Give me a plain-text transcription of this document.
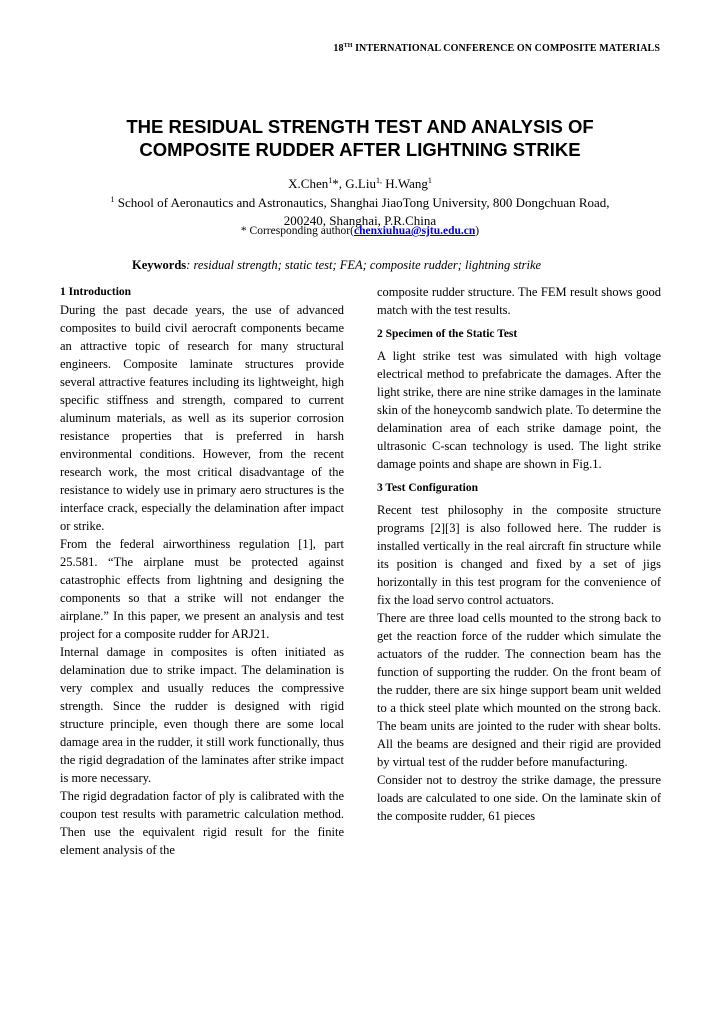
18TH INTERNATIONAL CONFERENCE ON COMPOSITE MATERIALS
THE RESIDUAL STRENGTH TEST AND ANALYSIS OF
COMPOSITE RUDDER AFTER LIGHTNING STRIKE
X.Chen$^1$*, G.Liu$^{1,}$ H.Wang$^1$
$^1$ School of Aeronautics and Astronautics, Shanghai JiaoTong University, 800 Dongchuan Road,
200240, Shanghai, P.R.China
* Corresponding author(chenxiuhua@sjtu.edu.cn)
Keywords: residual strength; static test; FEA; composite rudder; lightning strike
1 Introduction

During the past decade years, the use of advanced composites to build civil aerocraft components became an attractive topic of research for many structural engineers. Composite laminate structures provide several attractive features including its lightweight, high specific stiffness and strength, compared to current aluminum materials, as well as its superior corrosion resistance properties that is preferred in harsh environmental conditions. However, from the recent research work, the most critical disadvantage of the resistance to widely use in primary aero structures is the interface crack, especially the delamination after impact or strike.

From the federal airworthiness regulation [1], part 25.581. “The airplane must be protected against catastrophic effects from lightning and designing the components so that a strike will not endanger the airplane.” In this paper, we present an analysis and test project for a composite rudder for ARJ21.

Internal damage in composites is often initiated as delamination due to strike impact. The delamination is very complex and usually reduces the compressive strength. Since the rudder is designed with rigid structure principle, even though there are some local damage area in the rudder, it still work functionally, thus the rigid degradation of the laminates after strike impact is more necessary.

The rigid degradation factor of ply is calibrated with the coupon test results with parametric calculation method. Then use the equivalent rigid result for the finite element analysis of the

composite rudder structure. The FEM result shows good match with the test results.

2 Specimen of the Static Test

A light strike test was simulated with high voltage electrical method to prefabricate the damages. After the light strike, there are nine strike damages in the laminate skin of the honeycomb sandwich plate. To determine the delamination area of each strike damage point, the ultrasonic C-scan technology is used. The light strike damage points and shape are shown in Fig.1.

3 Test Configuration

Recent test philosophy in the composite structure programs [2][3] is also followed here. The rudder is installed vertically in the real aircraft fin structure while its position is changed and fixed by a set of jigs horizontally in this test program for the convenience of fix the load servo control actuators.

There are three load cells mounted to the strong back to get the reaction force of the rudder which simulate the actuators of the rudder. The connection beam has the function of supporting the rudder. On the front beam of the rudder, there are six hinge support beam unit welded to a thick steel plate which mounted on the strong back. The beam units are jointed to the ruder with shear bolts. All the beams are designed and their rigid are provided by virtual test of the rudder before manufacturing.

Consider not to destroy the strike damage, the pressure loads are calculated to one side. On the laminate skin of the composite rudder, 61 pieces
